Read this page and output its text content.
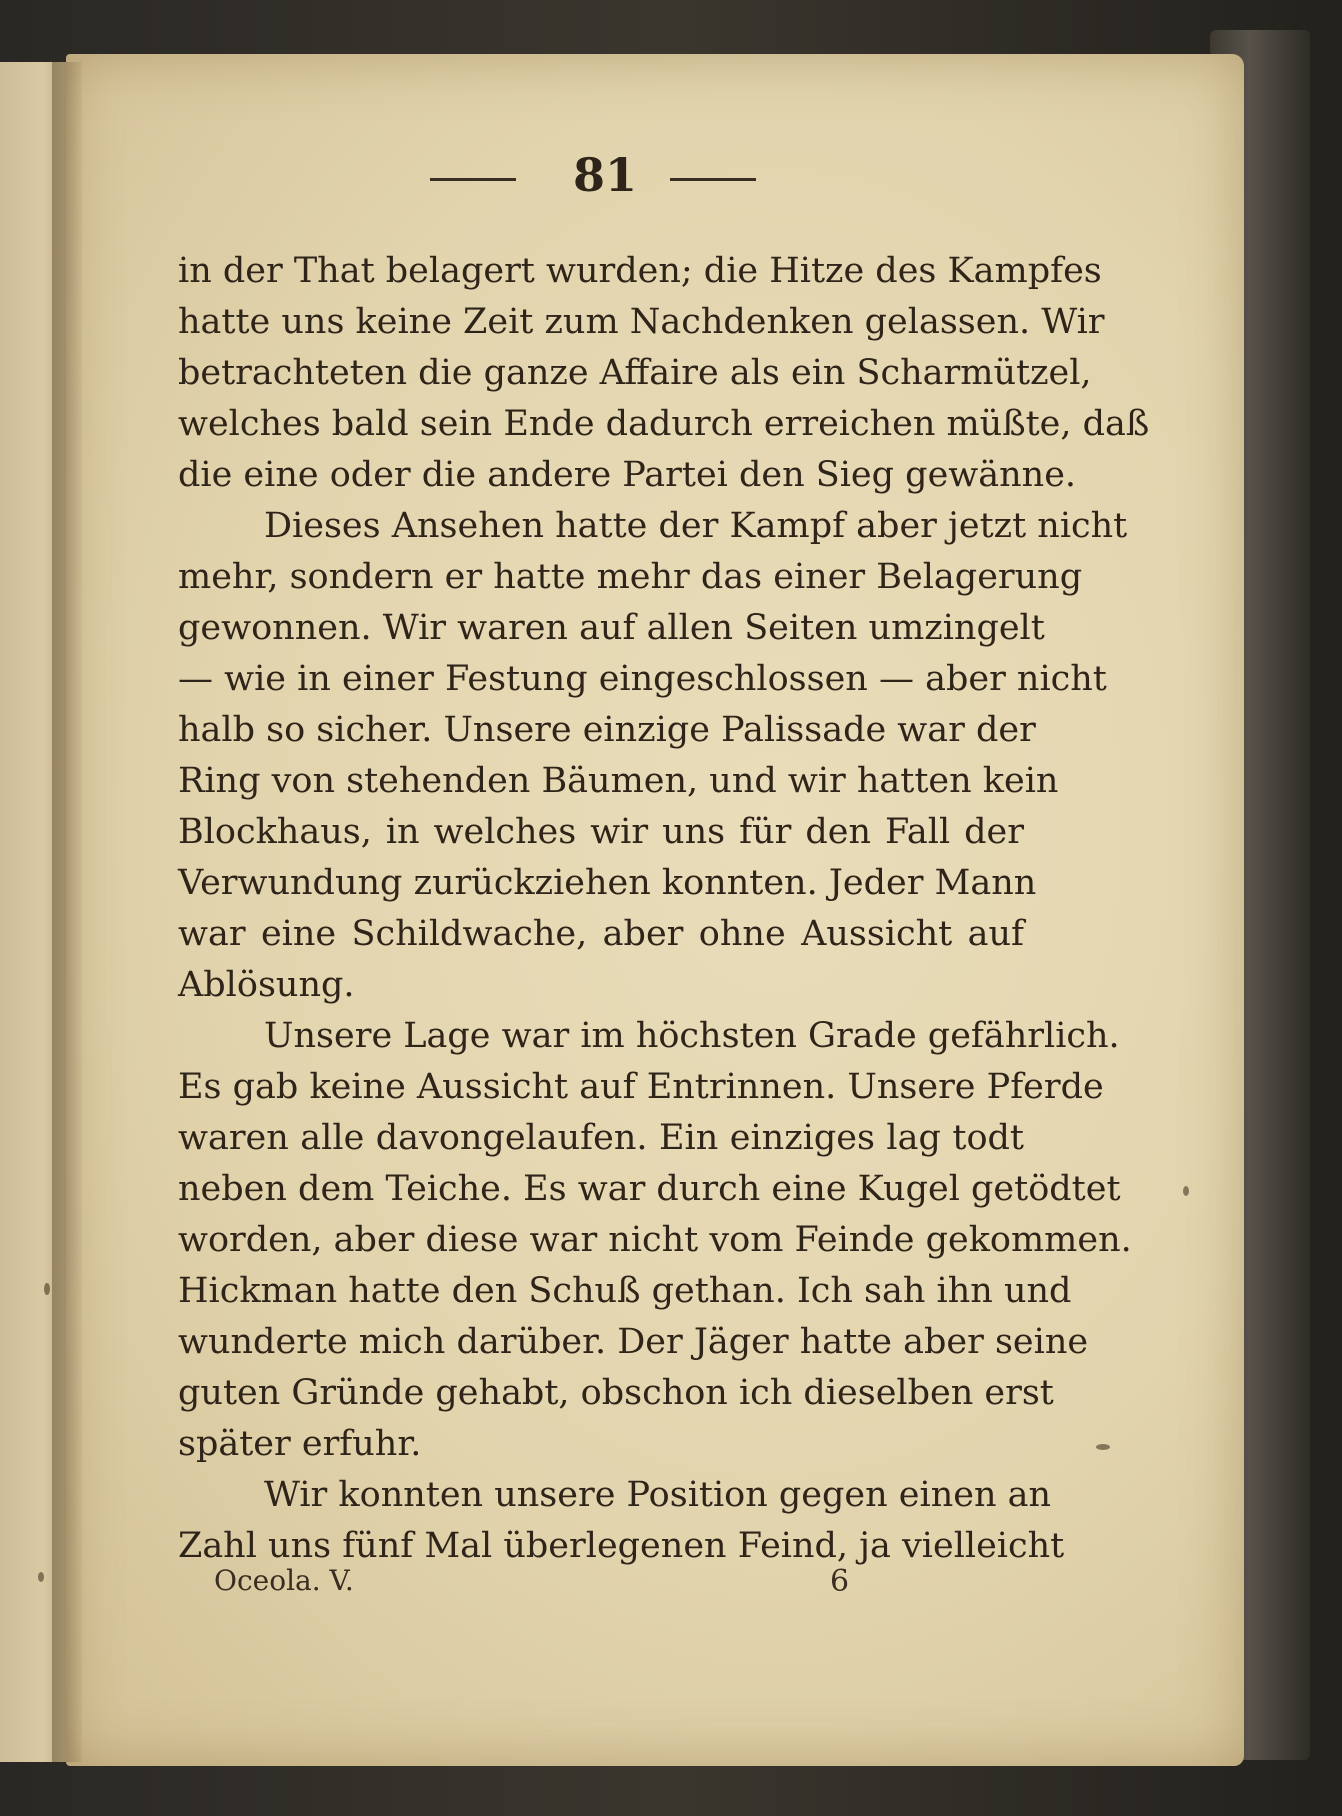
81
in der That belagert wurden; die Hitze des Kampfes
hatte uns keine Zeit zum Nachdenken gelassen. Wir
betrachteten die ganze Affaire als ein Scharmützel,
welches bald sein Ende dadurch erreichen müßte, daß
die eine oder die andere Partei den Sieg gewänne.
Dieses Ansehen hatte der Kampf aber jetzt nicht
mehr, sondern er hatte mehr das einer Belagerung
gewonnen. Wir waren auf allen Seiten umzingelt
— wie in einer Festung eingeschlossen — aber nicht
halb so sicher. Unsere einzige Palissade war der
Ring von stehenden Bäumen, und wir hatten kein
Blockhaus, in welches wir uns für den Fall der
Verwundung zurückziehen konnten. Jeder Mann
war eine Schildwache, aber ohne Aussicht auf
Ablösung.
Unsere Lage war im höchsten Grade gefährlich.
Es gab keine Aussicht auf Entrinnen. Unsere Pferde
waren alle davongelaufen. Ein einziges lag todt
neben dem Teiche. Es war durch eine Kugel getödtet
worden, aber diese war nicht vom Feinde gekommen.
Hickman hatte den Schuß gethan. Ich sah ihn und
wunderte mich darüber. Der Jäger hatte aber seine
guten Gründe gehabt, obschon ich dieselben erst
später erfuhr.
Wir konnten unsere Position gegen einen an
Zahl uns fünf Mal überlegenen Feind, ja vielleicht
Oceola. V.	6
